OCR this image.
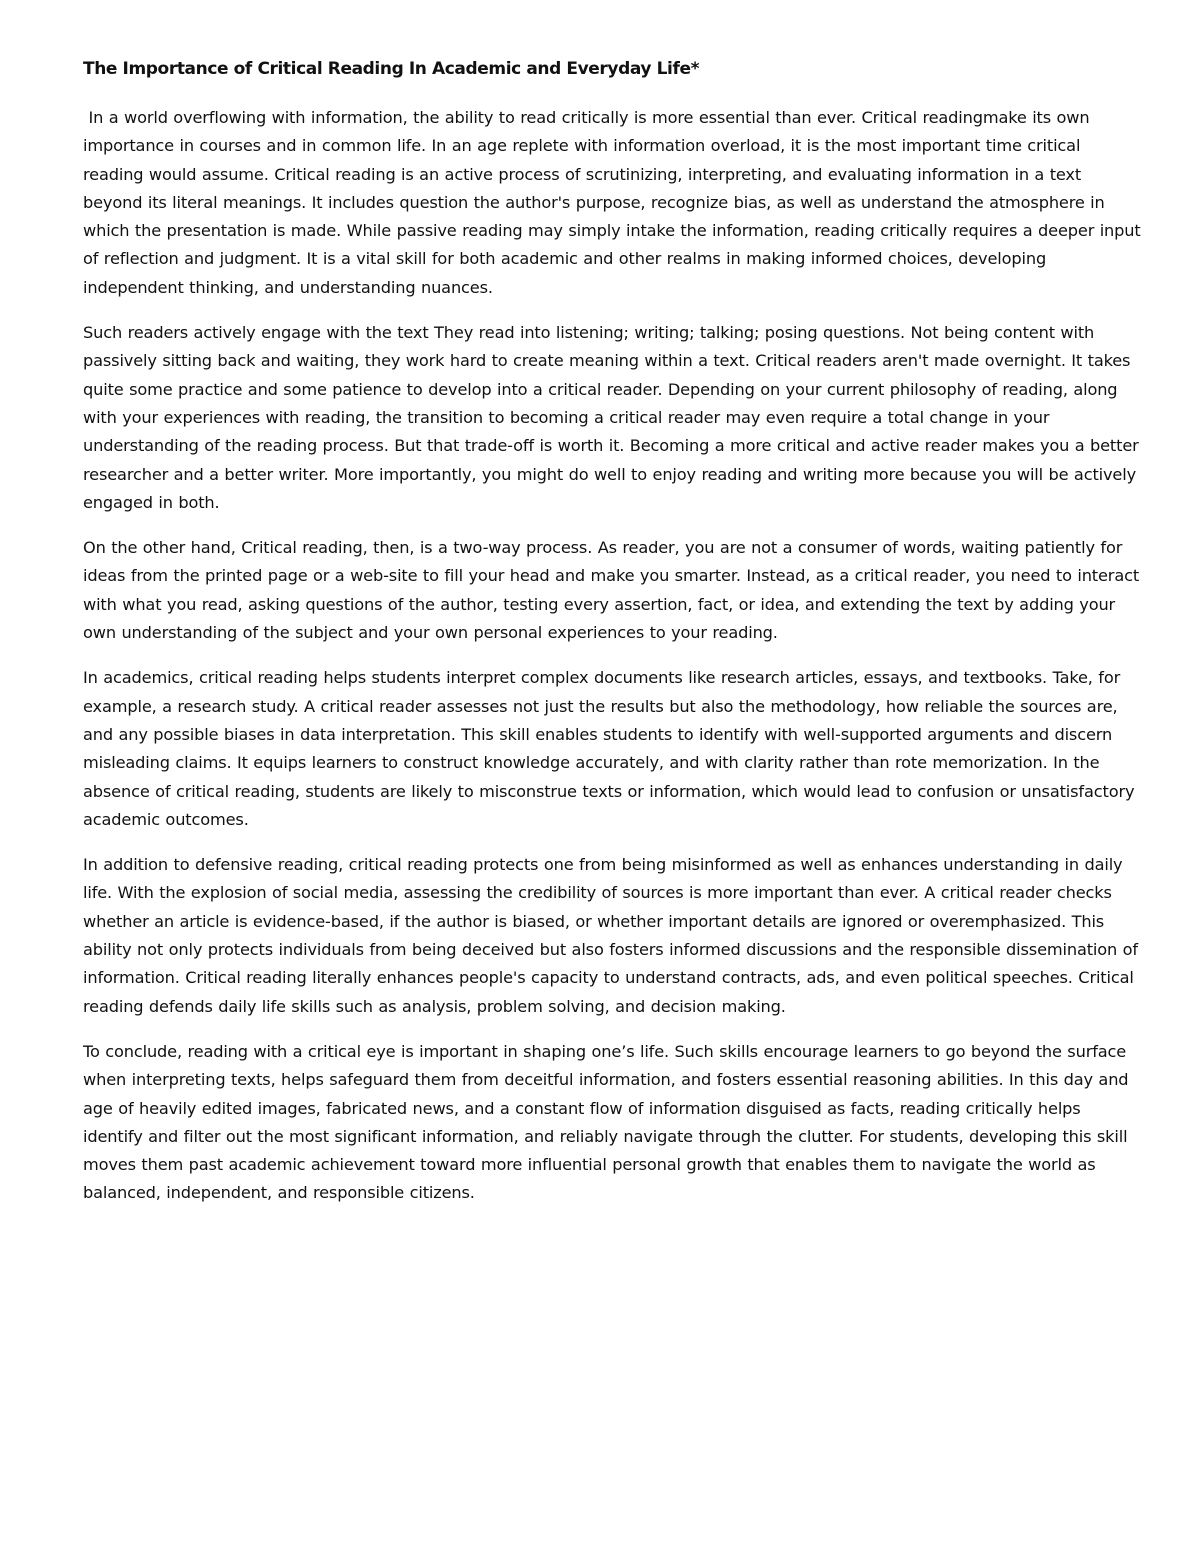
The Importance of Critical Reading In Academic and Everyday Life*

In a world overflowing with information, the ability to read critically is more essential than ever. Critical readingmake its own importance in courses and in common life. In an age replete with information overload, it is the most important time critical reading would assume. Critical reading is an active process of scrutinizing, interpreting, and evaluating information in a text beyond its literal meanings. It includes question the author's purpose, recognize bias, as well as understand the atmosphere in which the presentation is made. While passive reading may simply intake the information, reading critically requires a deeper input of reflection and judgment. It is a vital skill for both academic and other realms in making informed choices, developing independent thinking, and understanding nuances.

Such readers actively engage with the text They read into listening; writing; talking; posing questions. Not being content with passively sitting back and waiting, they work hard to create meaning within a text. Critical readers aren't made overnight. It takes quite some practice and some patience to develop into a critical reader. Depending on your current philosophy of reading, along with your experiences with reading, the transition to becoming a critical reader may even require a total change in your understanding of the reading process. But that trade-off is worth it. Becoming a more critical and active reader makes you a better researcher and a better writer. More importantly, you might do well to enjoy reading and writing more because you will be actively engaged in both.

On the other hand, Critical reading, then, is a two-way process. As reader, you are not a consumer of words, waiting patiently for ideas from the printed page or a web-site to fill your head and make you smarter. Instead, as a critical reader, you need to interact with what you read, asking questions of the author, testing every assertion, fact, or idea, and extending the text by adding your own understanding of the subject and your own personal experiences to your reading.

In academics, critical reading helps students interpret complex documents like research articles, essays, and textbooks. Take, for example, a research study. A critical reader assesses not just the results but also the methodology, how reliable the sources are, and any possible biases in data interpretation. This skill enables students to identify with well-supported arguments and discern misleading claims. It equips learners to construct knowledge accurately, and with clarity rather than rote memorization. In the absence of critical reading, students are likely to misconstrue texts or information, which would lead to confusion or unsatisfactory academic outcomes.

In addition to defensive reading, critical reading protects one from being misinformed as well as enhances understanding in daily life. With the explosion of social media, assessing the credibility of sources is more important than ever. A critical reader checks whether an article is evidence-based, if the author is biased, or whether important details are ignored or overemphasized. This ability not only protects individuals from being deceived but also fosters informed discussions and the responsible dissemination of information. Critical reading literally enhances people's capacity to understand contracts, ads, and even political speeches. Critical reading defends daily life skills such as analysis, problem solving, and decision making.

To conclude, reading with a critical eye is important in shaping one’s life. Such skills encourage learners to go beyond the surface when interpreting texts, helps safeguard them from deceitful information, and fosters essential reasoning abilities. In this day and age of heavily edited images, fabricated news, and a constant flow of information disguised as facts, reading critically helps identify and filter out the most significant information, and reliably navigate through the clutter. For students, developing this skill moves them past academic achievement toward more influential personal growth that enables them to navigate the world as balanced, independent, and responsible citizens.
